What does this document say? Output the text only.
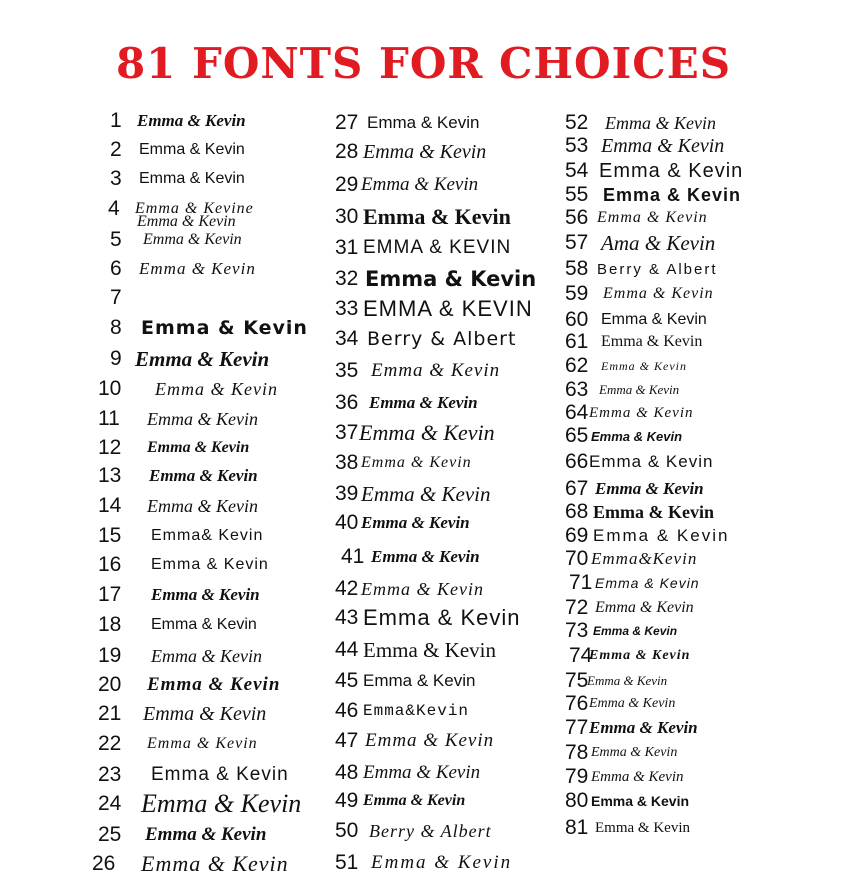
81 FONTS FOR CHOICES
1 Emma & Kevin
2 Emma & Kevin
3 Emma & Kevin
4 Emma & Kevine
Emma & Kevin
5 Emma & Kevin
6 Emma & Kevin
7
8 Emma & Kevin
9 Emma & Kevin
10 Emma & Kevin
11 Emma & Kevin
12 Emma & Kevin
13 Emma & Kevin
14 Emma & Kevin
15 Emma& Kevin
16 Emma & Kevin
17 Emma & Kevin
18 Emma & Kevin
19 Emma & Kevin
20 Emma & Kevin
21 Emma & Kevin
22 Emma & Kevin
23 Emma & Kevin
24 Emma & Kevin
25 Emma & Kevin
26 Emma & Kevin
27 Emma & Kevin
28 Emma & Kevin
29 Emma & Kevin
30 Emma & Kevin
31 EMMA & KEVIN
32 Emma & Kevin
33 EMMA & KEVIN
34 Berry & Albert
35 Emma & Kevin
36 Emma & Kevin
37 Emma & Kevin
38 Emma & Kevin
39 Emma & Kevin
40 Emma & Kevin
41 Emma & Kevin
42 Emma & Kevin
43 Emma & Kevin
44 Emma & Kevin
45 Emma & Kevin
46 Emma&Kevin
47 Emma & Kevin
48 Emma & Kevin
49 Emma & Kevin
50 Berry & Albert
51 Emma & Kevin
52 Emma & Kevin
53 Emma & Kevin
54 Emma & Kevin
55 Emma & Kevin
56 Emma & Kevin
57 Ama & Kevin
58 Berry & Albert
59 Emma & Kevin
60 Emma & Kevin
61 Emma & Kevin
62 Emma & Kevin
63 Emma & Kevin
64 Emma & Kevin
65 Emma & Kevin
66 Emma & Kevin
67 Emma & Kevin
68 Emma & Kevin
69 Emma & Kevin
70 Emma&Kevin
71 Emma & Kevin
72 Emma & Kevin
73 Emma & Kevin
74
Emma & Kevin
75
Emma & Kevin
76 Emma & Kevin
77 Emma & Kevin
78 Emma & Kevin
79 Emma & Kevin
80 Emma & Kevin
81 Emma & Kevin
